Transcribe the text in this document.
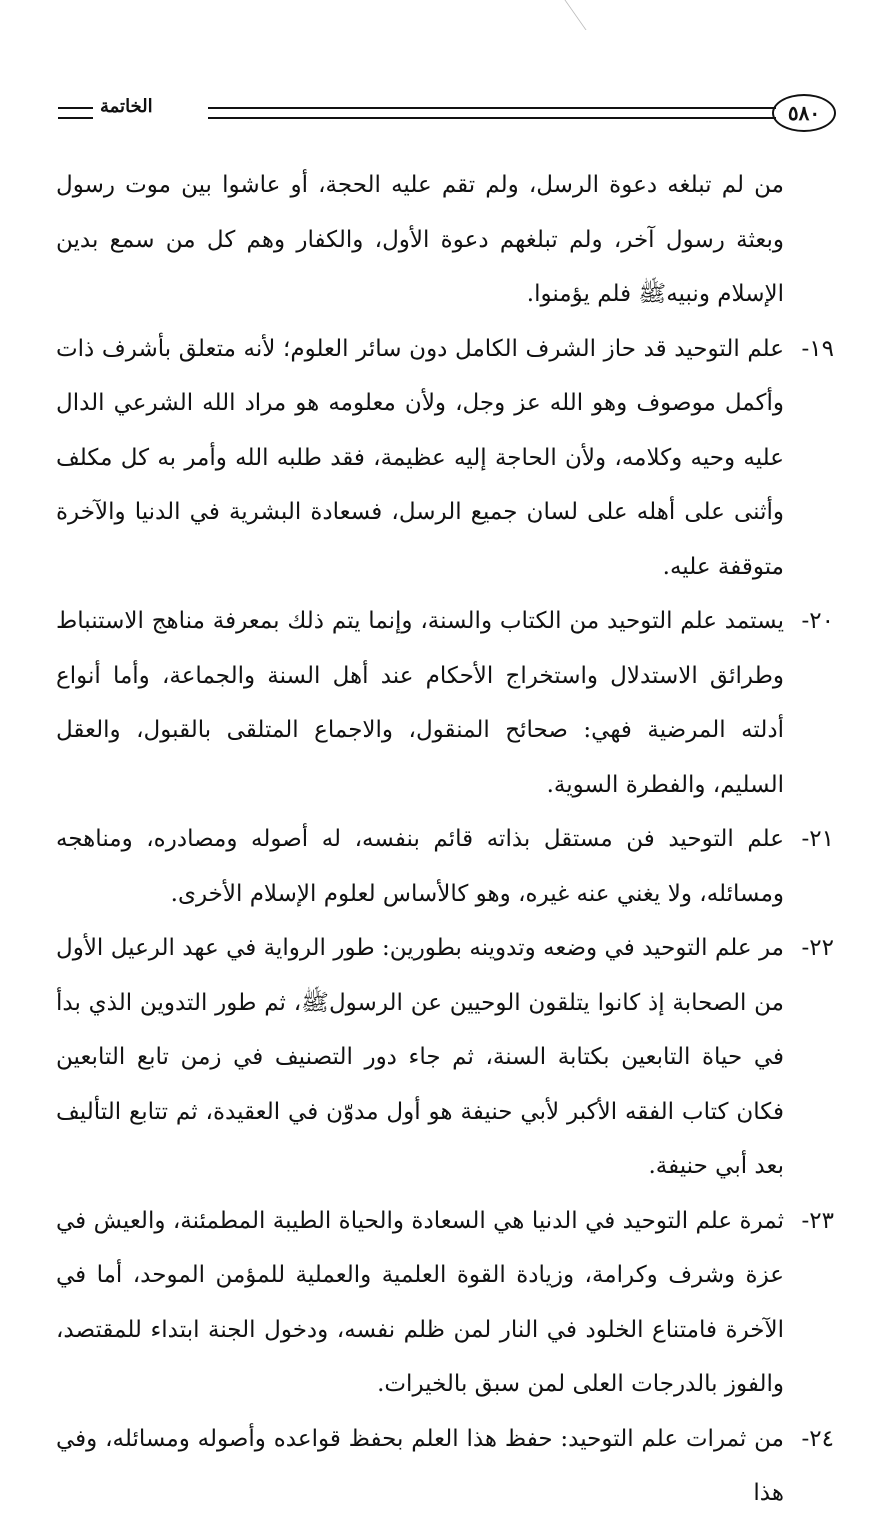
٥٨٠
الخاتمة

من لم تبلغه دعوة الرسل، ولم تقم عليه الحجة، أو عاشوا بين موت رسول وبعثة رسول آخر، ولم تبلغهم دعوة الأول، والكفار وهم كل من سمع بدين الإسلام ونبيهﷺ فلم يؤمنوا.

١٩-
علم التوحيد قد حاز الشرف الكامل دون سائر العلوم؛ لأنه متعلق بأشرف ذات وأكمل موصوف وهو الله عز وجل، ولأن معلومه هو مراد الله الشرعي الدال عليه وحيه وكلامه، ولأن الحاجة إليه عظيمة، فقد طلبه الله وأمر به كل مكلف وأثنى على أهله على لسان جميع الرسل، فسعادة البشرية في الدنيا والآخرة متوقفة عليه.

٢٠-
يستمد علم التوحيد من الكتاب والسنة، وإنما يتم ذلك بمعرفة مناهج الاستنباط وطرائق الاستدلال واستخراج الأحكام عند أهل السنة والجماعة، وأما أنواع أدلته المرضية فهي: صحائح المنقول، والاجماع المتلقى بالقبول، والعقل السليم، والفطرة السوية.

٢١-
علم التوحيد فن مستقل بذاته قائم بنفسه، له أصوله ومصادره، ومناهجه ومسائله، ولا يغني عنه غيره، وهو كالأساس لعلوم الإسلام الأخرى.

٢٢-
مر علم التوحيد في وضعه وتدوينه بطورين: طور الرواية في عهد الرعيل الأول من الصحابة إذ كانوا يتلقون الوحيين عن الرسولﷺ، ثم طور التدوين الذي بدأ في حياة التابعين بكتابة السنة، ثم جاء دور التصنيف في زمن تابع التابعين فكان كتاب الفقه الأكبر لأبي حنيفة هو أول مدوّن في العقيدة، ثم تتابع التأليف بعد أبي حنيفة.

٢٣-
ثمرة علم التوحيد في الدنيا هي السعادة والحياة الطيبة المطمئنة، والعيش في عزة وشرف وكرامة، وزيادة القوة العلمية والعملية للمؤمن الموحد، أما في الآخرة فامتناع الخلود في النار لمن ظلم نفسه، ودخول الجنة ابتداء للمقتصد، والفوز بالدرجات العلى لمن سبق بالخيرات.

٢٤-
من ثمرات علم التوحيد: حفظ هذا العلم بحفظ قواعده وأصوله ومسائله، وفي هذا
